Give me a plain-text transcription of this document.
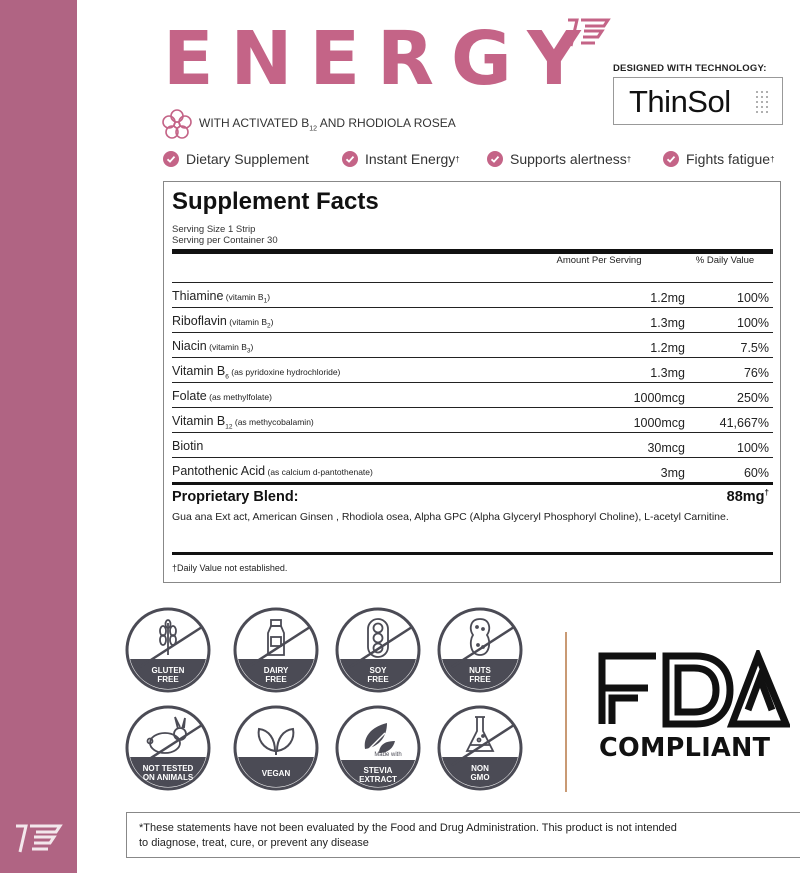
ENERGY DESIGNED WITH TECHNOLOGY:
ThinSol
WITH ACTIVATED $B_{12}$ AND RHODIOLA ROSEA
Dietary Supplement	Instant Energy †	Supports alertness †	Fights fatigue †
Supplement Facts
Serving Size 1 Strip
Serving per Container 30
Amount Per Serving	% Daily Value
Thiamine (vitamin $B_1$)	1.2mg	100%
Riboflavin (vitamin $B_2$)	1.3mg	100%
Niacin (vitamin $B_3$)	1.2mg	7.5%
Vitamin $B_6$ (as pyridoxine hydrochloride)	1.3mg	76%
Folate (as methylfolate)	1000mcg	250%
Vitamin $B_{12}$ (as methycobalamin)	1000mcg	41,667%
Biotin	30mcg	100%
Pantothenic Acid (as calcium d-pantothenate)	3mg	60%
Proprietary Blend:	88mg†
Gua ana Ext act, American Ginsen , Rhodiola osea, Alpha GPC (Alpha Glyceryl Phosphoryl Choline), L-acetyl Carnitine.
†Daily Value not established.
GLUTEN
FREE
DAIRY
FREE
SOY
FREE
NUTS
FREE
NOT TESTED
ON ANIMALS	VEGAN
Made with
STEVIA
EXTRACT
NON
GMO
COMPLIANT
*These statements have not been evaluated by the Food and Drug Administration. This product is not intended
to diagnose, treat, cure, or prevent any disease
